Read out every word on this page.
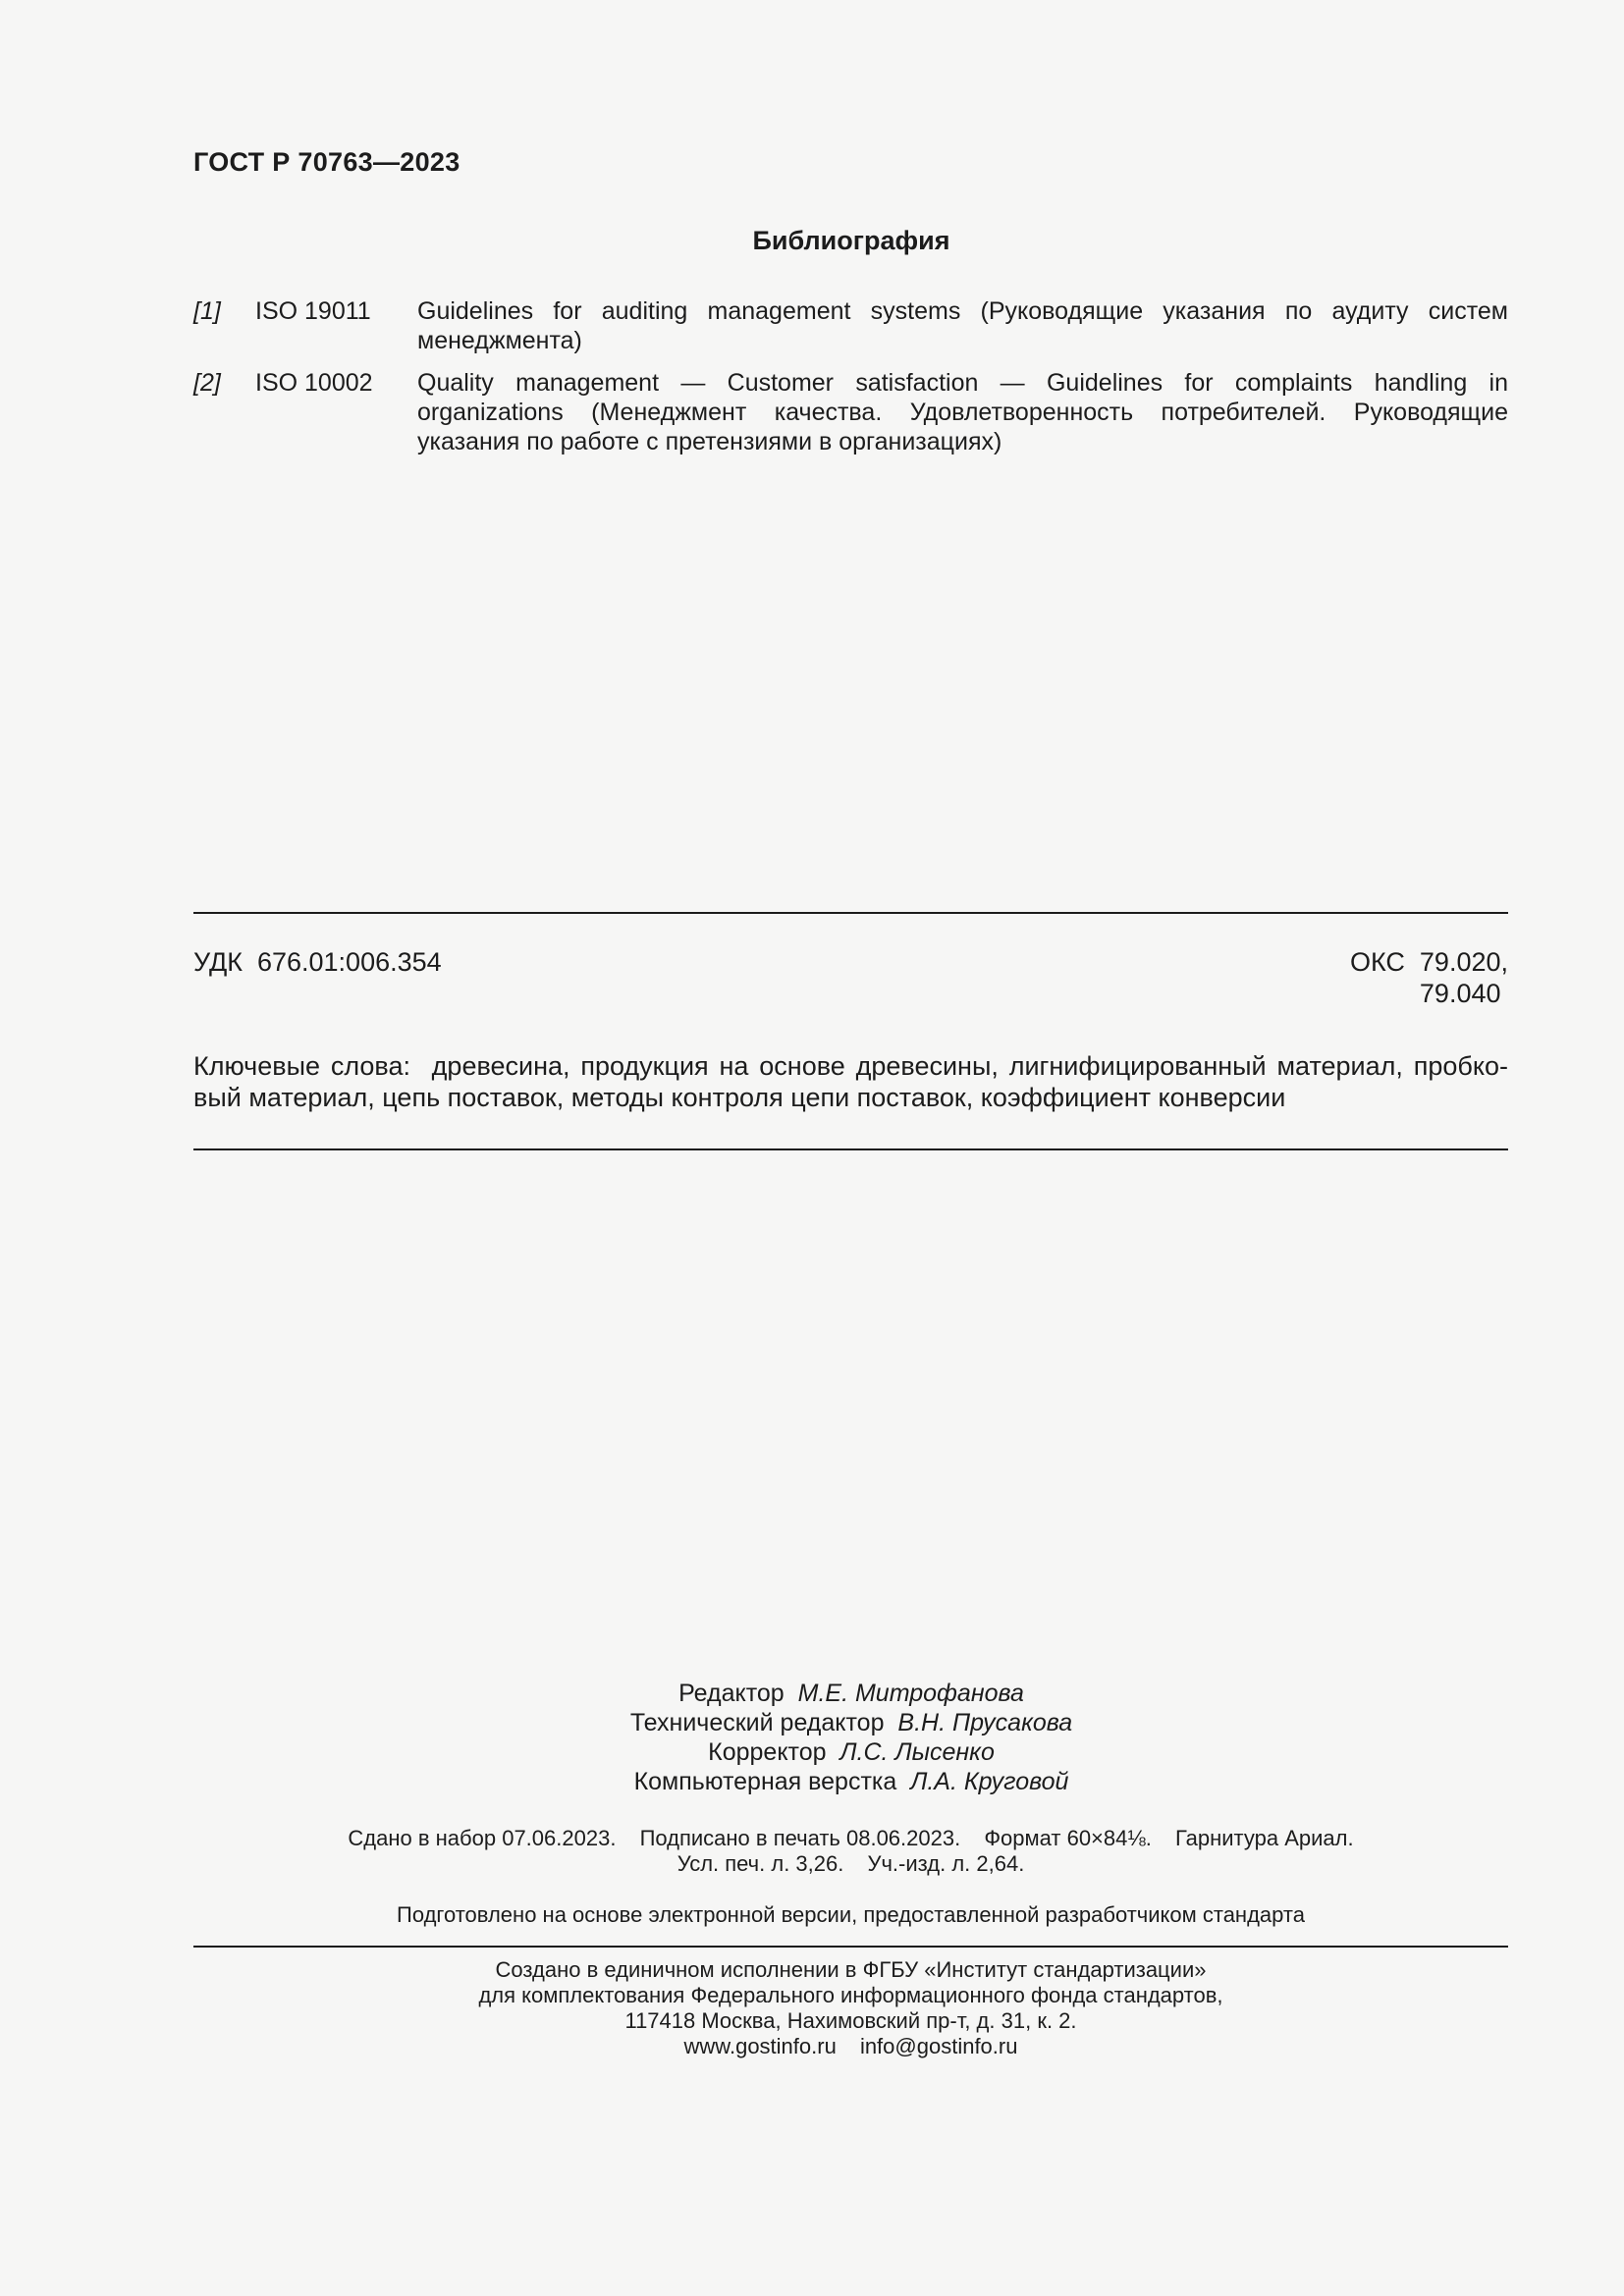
ГОСТ Р 70763—2023
Библиография
[1] ISO 19011 Guidelines for auditing management systems (Руководящие указания по аудиту систем менеджмента)
[2] ISO 10002 Quality management — Customer satisfaction — Guidelines for complaints handling in organizations (Менеджмент качества. Удовлетворенность потребителей. Руководящие указания по работе с претензиями в организациях)
УДК 676.01:006.354	ОКС 79.020,
79.040
Ключевые слова: древесина, продукция на основе древесины, лигнифицированный материал, пробко-вый материал, цепь поставок, методы контроля цепи поставок, коэффициент конверсии
Редактор М.Е. Митрофанова
Технический редактор В.Н. Прусакова
Корректор Л.С. Лысенко
Компьютерная верстка Л.А. Круговой
Сдано в набор 07.06.2023. Подписано в печать 08.06.2023. Формат 60×84⅛. Гарнитура Ариал.
Усл. печ. л. 3,26. Уч.-изд. л. 2,64.
Подготовлено на основе электронной версии, предоставленной разработчиком стандарта
Создано в единичном исполнении в ФГБУ «Институт стандартизации»
для комплектования Федерального информационного фонда стандартов,
117418 Москва, Нахимовский пр-т, д. 31, к. 2.
www.gostinfo.ru info@gostinfo.ru
